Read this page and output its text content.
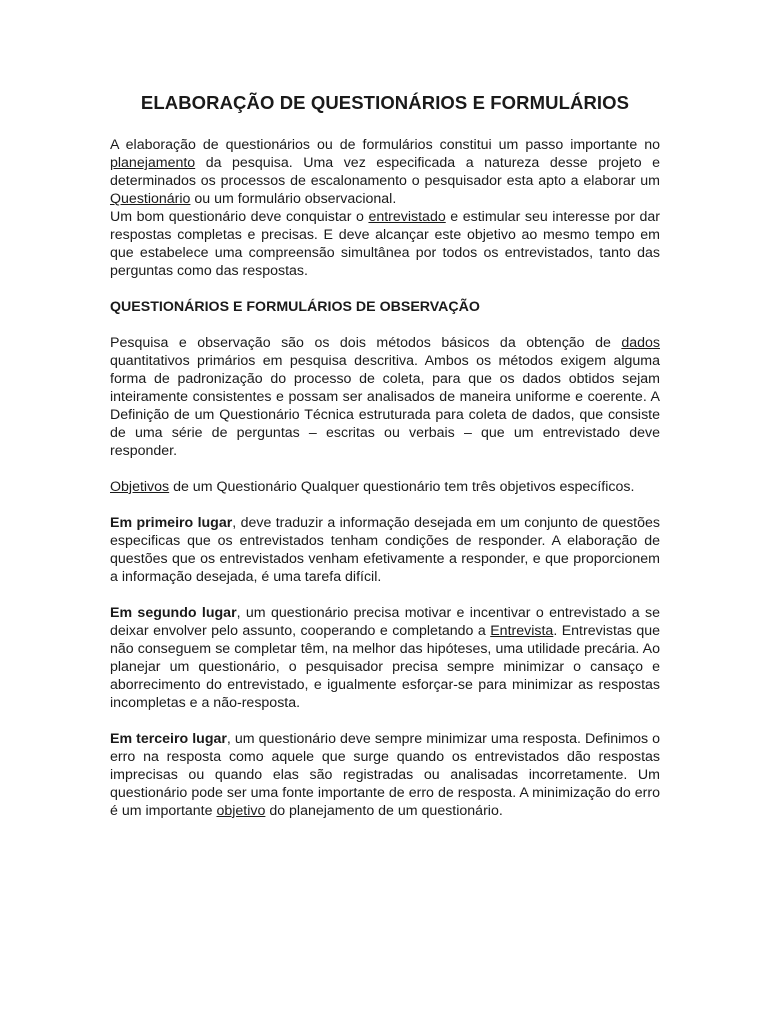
ELABORAÇÃO DE QUESTIONÁRIOS E FORMULÁRIOS

A elaboração de questionários ou de formulários constitui um passo importante no planejamento da pesquisa. Uma vez especificada a natureza desse projeto e determinados os processos de escalonamento o pesquisador esta apto a elaborar um Questionário ou um formulário observacional.

Um bom questionário deve conquistar o entrevistado e estimular seu interesse por dar respostas completas e precisas. E deve alcançar este objetivo ao mesmo tempo em que estabelece uma compreensão simultânea por todos os entrevistados, tanto das perguntas como das respostas.

QUESTIONÁRIOS E FORMULÁRIOS DE OBSERVAÇÃO

Pesquisa e observação são os dois métodos básicos da obtenção de dados quantitativos primários em pesquisa descritiva. Ambos os métodos exigem alguma forma de padronização do processo de coleta, para que os dados obtidos sejam inteiramente consistentes e possam ser analisados de maneira uniforme e coerente. A Definição de um Questionário Técnica estruturada para coleta de dados, que consiste de uma série de perguntas – escritas ou verbais – que um entrevistado deve responder.

Objetivos de um Questionário Qualquer questionário tem três objetivos específicos.

Em primeiro lugar, deve traduzir a informação desejada em um conjunto de questões especificas que os entrevistados tenham condições de responder. A elaboração de questões que os entrevistados venham efetivamente a responder, e que proporcionem a informação desejada, é uma tarefa difícil.

Em segundo lugar, um questionário precisa motivar e incentivar o entrevistado a se deixar envolver pelo assunto, cooperando e completando a Entrevista. Entrevistas que não conseguem se completar têm, na melhor das hipóteses, uma utilidade precária. Ao planejar um questionário, o pesquisador precisa sempre minimizar o cansaço e aborrecimento do entrevistado, e igualmente esforçar-se para minimizar as respostas incompletas e a não-resposta.

Em terceiro lugar, um questionário deve sempre minimizar uma resposta. Definimos o erro na resposta como aquele que surge quando os entrevistados dão respostas imprecisas ou quando elas são registradas ou analisadas incorretamente. Um questionário pode ser uma fonte importante de erro de resposta. A minimização do erro é um importante objetivo do planejamento de um questionário.
